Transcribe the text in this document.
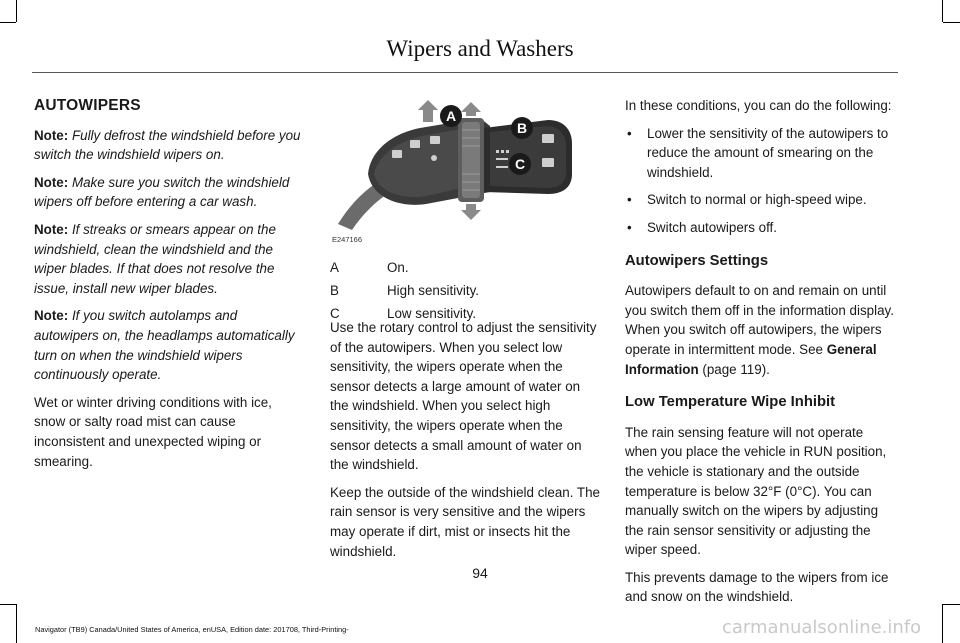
Wipers and Washers
AUTOWIPERS

Note: Fully defrost the windshield before you switch the windshield wipers on.

Note: Make sure you switch the windshield wipers off before entering a car wash.

Note: If streaks or smears appear on the windshield, clean the windshield and the wiper blades. If that does not resolve the issue, install new wiper blades.

Note: If you switch autolamps and autowipers on, the headlamps automatically turn on when the windshield wipers continuously operate.

Wet or winter driving conditions with ice, snow or salty road mist can cause inconsistent and unexpected wiping or smearing.

A
B
C
E247166
A	On.
B	High sensitivity.
C	Low sensitivity.

Use the rotary control to adjust the sensitivity of the autowipers. When you select low sensitivity, the wipers operate when the sensor detects a large amount of water on the windshield. When you select high sensitivity, the wipers operate when the sensor detects a small amount of water on the windshield.

Keep the outside of the windshield clean. The rain sensor is very sensitive and the wipers may operate if dirt, mist or insects hit the windshield.

In these conditions, you can do the following:

• Lower the sensitivity of the autowipers to reduce the amount of smearing on the windshield.
• Switch to normal or high-speed wipe.
• Switch autowipers off.
Autowipers Settings

Autowipers default to on and remain on until you switch them off in the information display. When you switch off autowipers, the wipers operate in intermittent mode. See General Information (page 119).

Low Temperature Wipe Inhibit

The rain sensing feature will not operate when you place the vehicle in RUN position, the vehicle is stationary and the outside temperature is below 32°F (0°C). You can manually switch on the wipers by adjusting the rain sensor sensitivity or adjusting the wiper speed.

This prevents damage to the wipers from ice and snow on the windshield.

94
Navigator (TB9) Canada/United States of America, enUSA, Edition date: 201708, Third-Printing-	carmanualsonline.info
